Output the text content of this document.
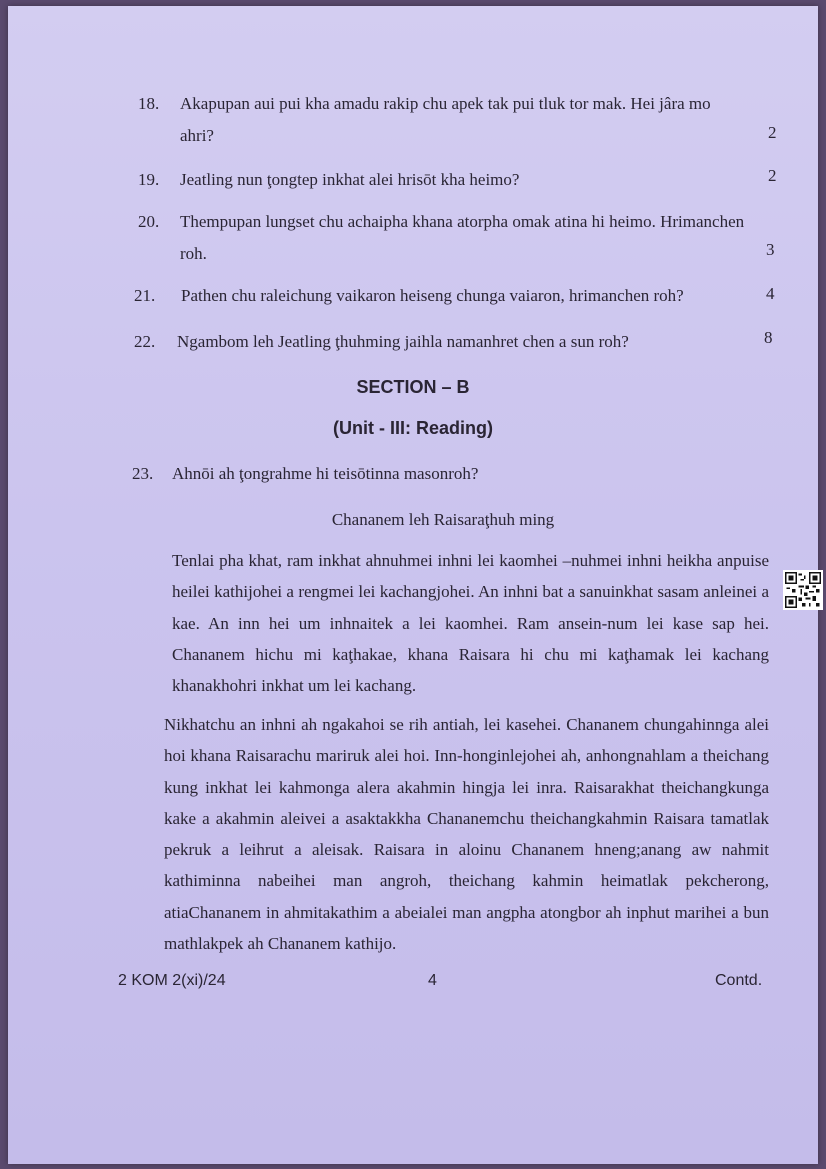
18. Akapupan aui pui kha amadu rakip chu apek tak pui tluk tor mak. Hei jâra mo
ahri?	2
19. Jeatling nun ţongtep inkhat alei hrisōt kha heimo?	2
20. Thempupan lungset chu achaipha khana atorpha omak atina hi heimo. Hrimanchen
roh.	3
21. Pathen chu raleichung vaikaron heiseng chunga vaiaron, hrimanchen roh?	4
22. Ngambom leh Jeatling ţhuhming jaihla namanhret chen a sun roh?	8
SECTION – B
(Unit - III: Reading)
23. Ahnōi ah ţongrahme hi teisōtinna masonroh?
Chananem leh Raisaraţhuh ming
Tenlai pha khat, ram inkhat ahnuhmei inhni lei kaomhei –nuhmei inhni heikha anpuise heilei kathijohei a rengmei lei kachangjohei. An inhni bat a sanuinkhat sasam anleinei a kae. An inn hei um inhnaitek a lei kaomhei. Ram ansein-num lei kase sap hei. Chananem hichu mi kaţhakae, khana Raisara hi chu mi kaţhamak lei kachang khanakhohri inkhat um lei kachang.
Nikhatchu an inhni ah ngakahoi se rih antiah, lei kasehei. Chananem chungahinnga alei hoi khana Raisarachu mariruk alei hoi. Inn-honginlejohei ah, anhongnahlam a theichang kung inkhat lei kahmonga alera akahmin hingja lei inra. Raisarakhat theichangkunga kake a akahmin aleivei a asaktakkha Chananemchu theichangkahmin Raisara tamatlak pekruk a leihrut a aleisak. Raisara in aloinu Chananem hneng;anang aw nahmit kathiminna nabeihei man angroh, theichang kahmin heimatlak pekcherong, atiaChananem in ahmitakathim a abeialei man angpha atongbor ah inphut marihei a bun mathlakpek ah Chananem kathijo.
2 KOM 2(xi)/24	4	Contd.
